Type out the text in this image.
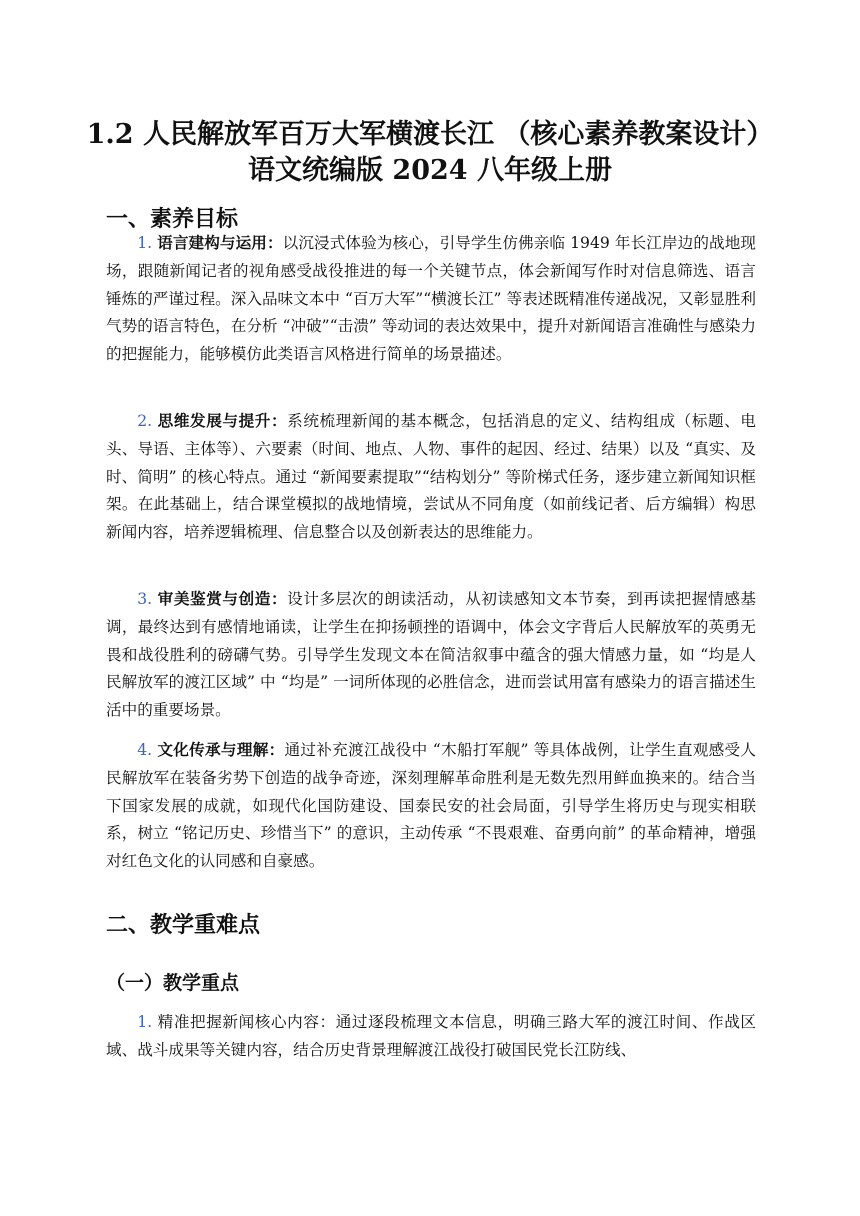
1.2 人民解放军百万大军横渡长江 （核心素养教案设计）
语文统编版 2024 八年级上册
一、素养目标

1. 语言建构与运用：以沉浸式体验为核心，引导学生仿佛亲临 1949 年长江岸边的战地现场，跟随新闻记者的视角感受战役推进的每一个关键节点，体会新闻写作时对信息筛选、语言锤炼的严谨过程。深入品味文本中 “百万大军”“横渡长江” 等表述既精准传递战况，又彰显胜利气势的语言特色，在分析 “冲破”“击溃” 等动词的表达效果中，提升对新闻语言准确性与感染力的把握能力，能够模仿此类语言风格进行简单的场景描述。

2. 思维发展与提升：系统梳理新闻的基本概念，包括消息的定义、结构组成（标题、电头、导语、主体等）、六要素（时间、地点、人物、事件的起因、经过、结果）以及 “真实、及时、简明” 的核心特点。通过 “新闻要素提取”“结构划分” 等阶梯式任务，逐步建立新闻知识框架。在此基础上，结合课堂模拟的战地情境，尝试从不同角度（如前线记者、后方编辑）构思新闻内容，培养逻辑梳理、信息整合以及创新表达的思维能力。

3. 审美鉴赏与创造：设计多层次的朗读活动，从初读感知文本节奏，到再读把握情感基调，最终达到有感情地诵读，让学生在抑扬顿挫的语调中，体会文字背后人民解放军的英勇无畏和战役胜利的磅礴气势。引导学生发现文本在简洁叙事中蕴含的强大情感力量，如 “均是人民解放军的渡江区域” 中 “均是” 一词所体现的必胜信念，进而尝试用富有感染力的语言描述生活中的重要场景。

4. 文化传承与理解：通过补充渡江战役中 “木船打军舰” 等具体战例，让学生直观感受人民解放军在装备劣势下创造的战争奇迹，深刻理解革命胜利是无数先烈用鲜血换来的。结合当下国家发展的成就，如现代化国防建设、国泰民安的社会局面，引导学生将历史与现实相联系，树立 “铭记历史、珍惜当下” 的意识，主动传承 “不畏艰难、奋勇向前” 的革命精神，增强对红色文化的认同感和自豪感。

二、教学重难点
（一）教学重点

1. 精准把握新闻核心内容：通过逐段梳理文本信息，明确三路大军的渡江时间、作战区域、战斗成果等关键内容，结合历史背景理解渡江战役打破国民党长江防线、
